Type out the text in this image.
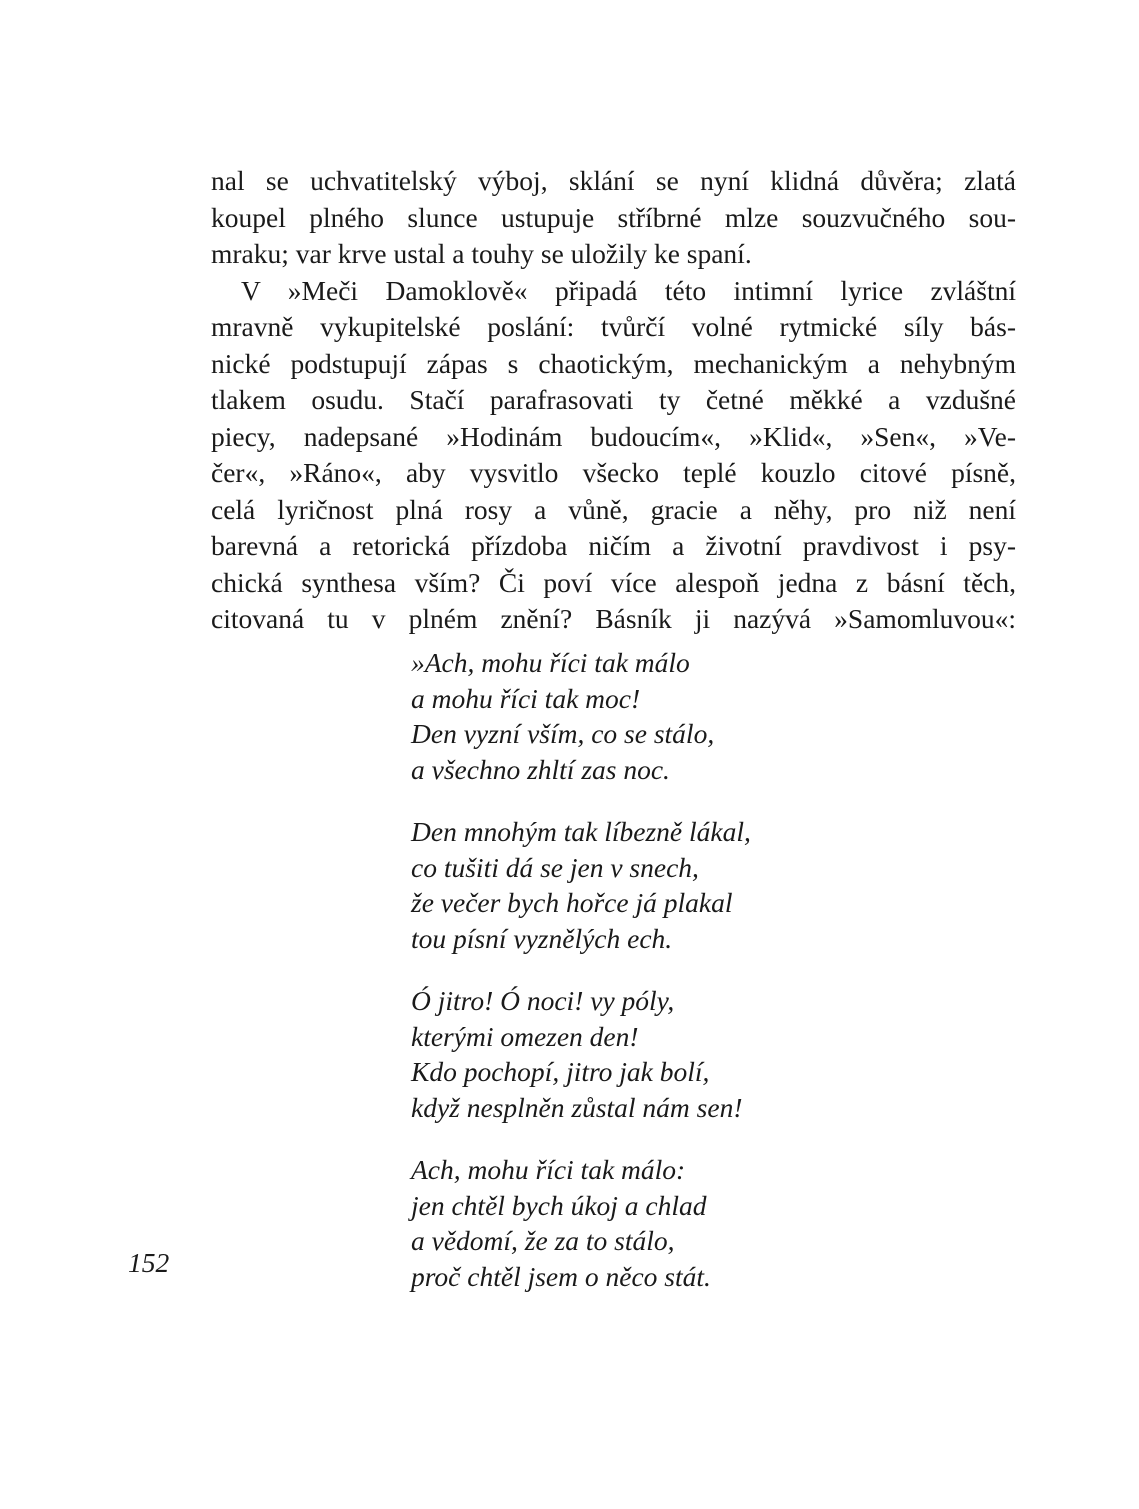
nal se uchvatitelský výboj, sklání se nyní klidná důvěra; zlatá
koupel plného slunce ustupuje stříbrné mlze souzvučného sou-
mraku; var krve ustal a touhy se uložily ke spaní.
V »Meči Damoklově« připadá této intimní lyrice zvláštní
mravně vykupitelské poslání: tvůrčí volné rytmické síly bás-
nické podstupují zápas s chaotickým, mechanickým a nehybným
tlakem osudu. Stačí parafrasovati ty četné měkké a vzdušné
piecy, nadepsané »Hodinám budoucím«, »Klid«, »Sen«, »Ve-
čer«, »Ráno«, aby vysvitlo všecko teplé kouzlo citové písně,
celá lyričnost plná rosy a vůně, gracie a něhy, pro niž není
barevná a retorická přízdoba ničím a životní pravdivost i psy-
chická synthesa vším? Či poví více alespoň jedna z básní těch,
citovaná tu v plném znění? Básník ji nazývá »Samomluvou«:
»Ach, mohu říci tak málo
a mohu říci tak moc!
Den vyzní vším, co se stálo,
a všechno zhltí zas noc.
Den mnohým tak líbezně lákal,
co tušiti dá se jen v snech,
že večer bych hořce já plakal
tou písní vyznělých ech.
Ó jitro! Ó noci! vy póly,
kterými omezen den!
Kdo pochopí, jitro jak bolí,
když nesplněn zůstal nám sen!
Ach, mohu říci tak málo:
jen chtěl bych úkoj a chlad
a vědomí, že za to stálo,
proč chtěl jsem o něco stát.
152
